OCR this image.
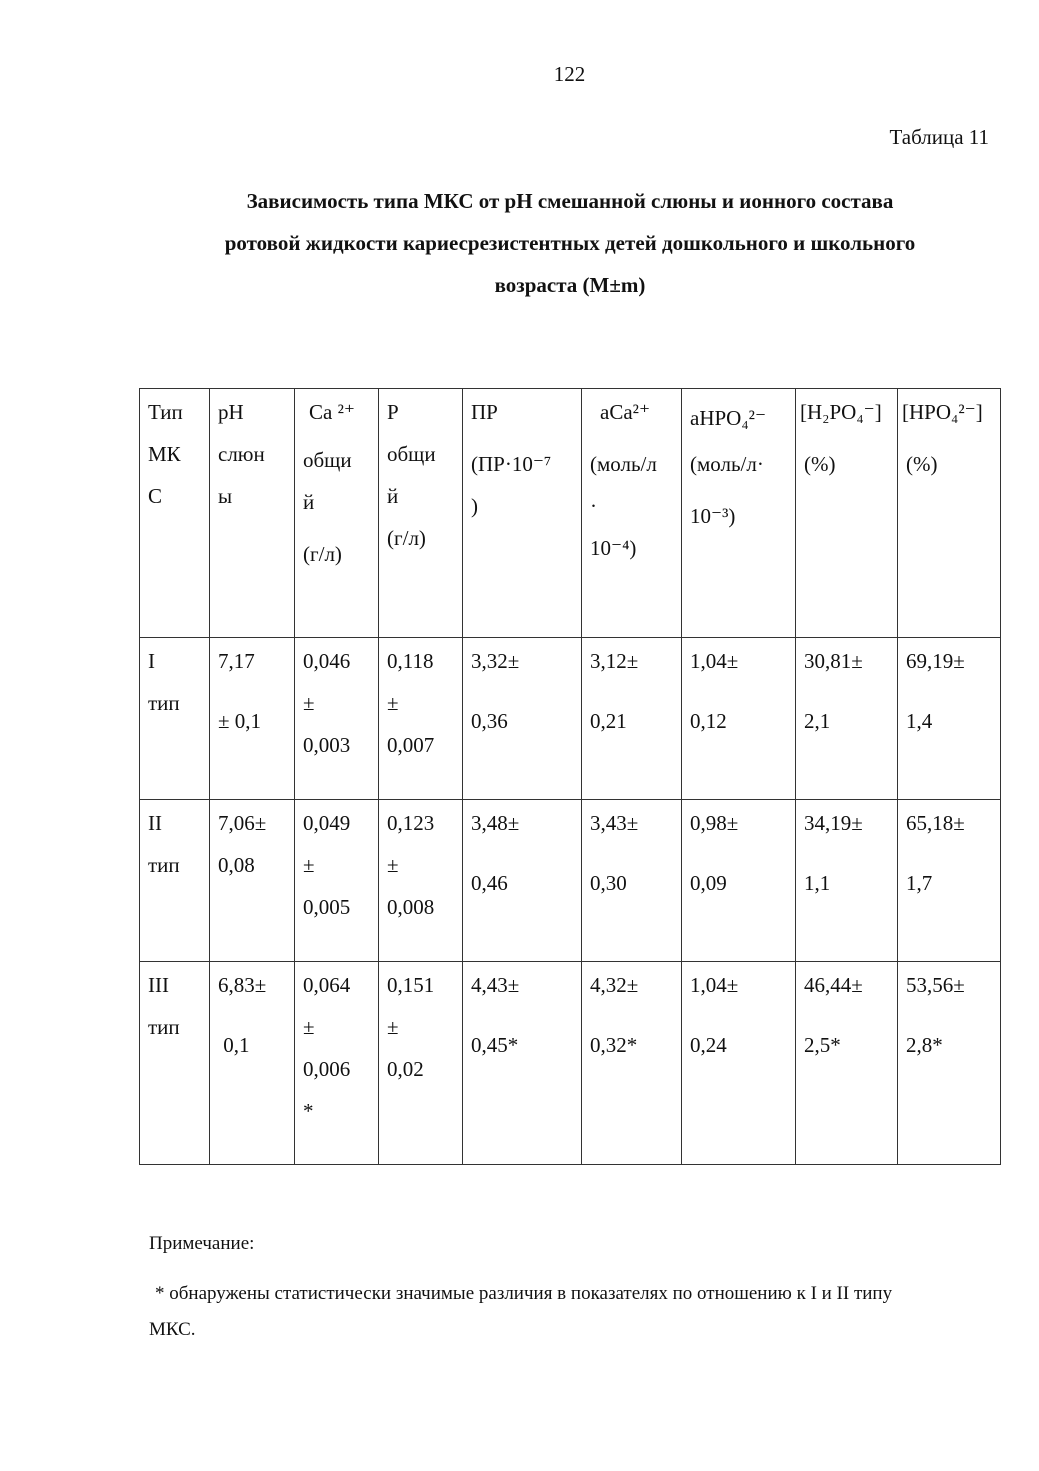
122
Таблица 11
Зависимость типа МКС от pH смешанной слюны и ионного состава
ротовой жидкости кариесрезистентных детей дошкольного и школьного
возраста (M±m)
Тип
МК
С	pH
слюн
ы	Ca ²⁺
общи
й
(г/л)	P
общи
й
(г/л)	ПР
(ПР·10⁻⁷
)	aCa²⁺
(моль/л
·
10⁻⁴)	aHPO₄²⁻
(моль/л·
10⁻³)	[H₂PO₄⁻]
(%)	[HPO₄²⁻]
(%)

I
тип	7,17
± 0,1	0,046
±
0,003	0,118
±
0,007	3,32±
0,36	3,12±
0,21	1,04±
0,12	30,81±
2,1	69,19±
1,4

II
тип	7,06±
0,08	0,049
±
0,005	0,123
±
0,008	3,48±
0,46	3,43±
0,30	0,98±
0,09	34,19±
1,1	65,18±
1,7

III
тип	6,83±
0,1	0,064
±
0,006
*	0,151
±
0,02	4,43±
0,45*	4,32±
0,32*	1,04±
0,24	46,44±
2,5*	53,56±
2,8*
Примечание:
* обнаружены статистически значимые различия в показателях по отношению к I и II типу
МКС.
